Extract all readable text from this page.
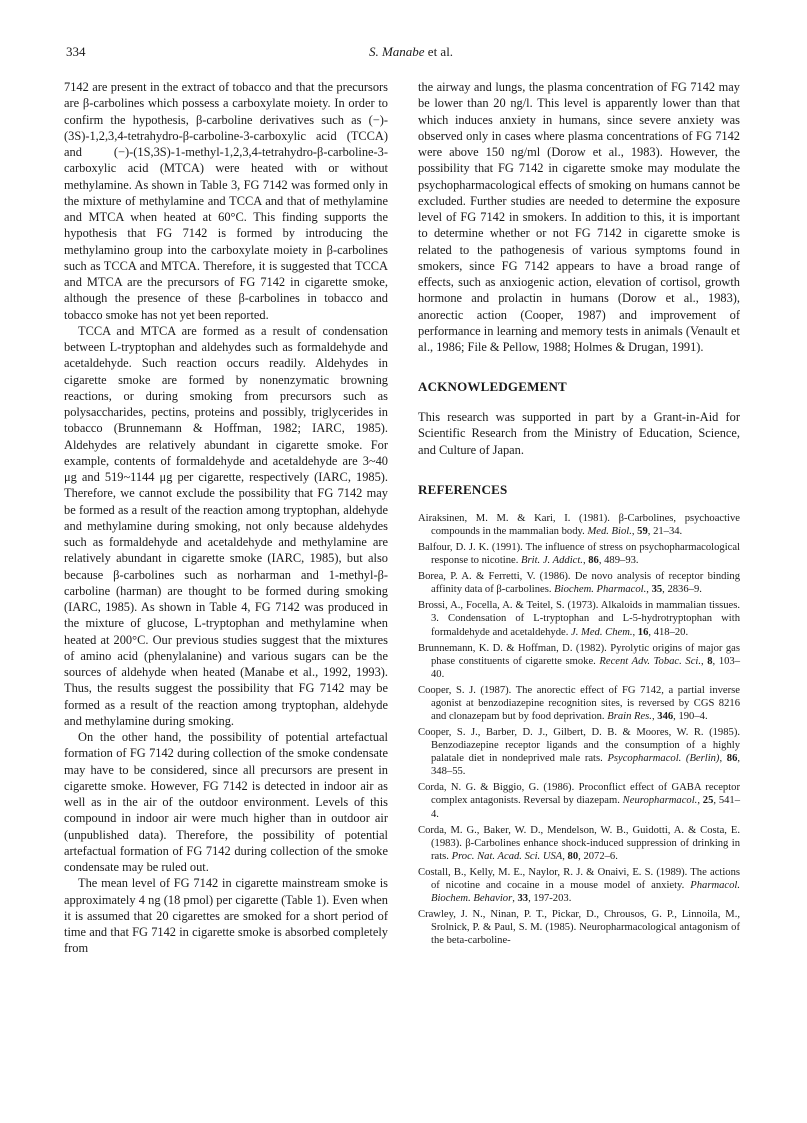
334	S. Manabe et al.

7142 are present in the extract of tobacco and that the precursors are β-carbolines which possess a carboxylate moiety. In order to confirm the hypothesis, β-carboline derivatives such as (−)-(3S)-1,2,3,4-tetrahydro-β-carboline-3-carboxylic acid (TCCA) and (−)-(1S,3S)-1-methyl-1,2,3,4-tetrahydro-β-carboline-3-carboxylic acid (MTCA) were heated with or without methylamine. As shown in Table 3, FG 7142 was formed only in the mixture of methylamine and TCCA and that of methylamine and MTCA when heated at 60°C. This finding supports the hypothesis that FG 7142 is formed by introducing the methylamino group into the carboxylate moiety in β-carbolines such as TCCA and MTCA. Therefore, it is suggested that TCCA and MTCA are the precursors of FG 7142 in cigarette smoke, although the presence of these β-carbolines in tobacco and tobacco smoke has not yet been reported.

TCCA and MTCA are formed as a result of condensation between L-tryptophan and aldehydes such as formaldehyde and acetaldehyde. Such reaction occurs readily. Aldehydes in cigarette smoke are formed by nonenzymatic browning reactions, or during smoking from precursors such as polysaccharides, pectins, proteins and possibly, triglycerides in tobacco (Brunnemann & Hoffman, 1982; IARC, 1985). Aldehydes are relatively abundant in cigarette smoke. For example, contents of formaldehyde and acetaldehyde are 3~40 μg and 519~1144 μg per cigarette, respectively (IARC, 1985). Therefore, we cannot exclude the possibility that FG 7142 may be formed as a result of the reaction among tryptophan, aldehyde and methylamine during smoking, not only because aldehydes such as formaldehyde and acetaldehyde and methylamine are relatively abundant in cigarette smoke (IARC, 1985), but also because β-carbolines such as norharman and 1-methyl-β-carboline (harman) are thought to be formed during smoking (IARC, 1985). As shown in Table 4, FG 7142 was produced in the mixture of glucose, L-tryptophan and methylamine when heated at 200°C. Our previous studies suggest that the mixtures of amino acid (phenylalanine) and various sugars can be the sources of aldehyde when heated (Manabe et al., 1992, 1993). Thus, the results suggest the possibility that FG 7142 may be formed as a result of the reaction among tryptophan, aldehyde and methylamine during smoking.

On the other hand, the possibility of potential artefactual formation of FG 7142 during collection of the smoke condensate may have to be considered, since all precursors are present in cigarette smoke. However, FG 7142 is detected in indoor air as well as in the air of the outdoor environment. Levels of this compound in indoor air were much higher than in outdoor air (unpublished data). Therefore, the possibility of potential artefactual formation of FG 7142 during collection of the smoke condensate may be ruled out.

The mean level of FG 7142 in cigarette mainstream smoke is approximately 4 ng (18 pmol) per cigarette (Table 1). Even when it is assumed that 20 cigarettes are smoked for a short period of time and that FG 7142 in cigarette smoke is absorbed completely from

the airway and lungs, the plasma concentration of FG 7142 may be lower than 20 ng/l. This level is apparently lower than that which induces anxiety in humans, since severe anxiety was observed only in cases where plasma concentrations of FG 7142 were above 150 ng/ml (Dorow et al., 1983). However, the possibility that FG 7142 in cigarette smoke may modulate the psychopharmacological effects of smoking on humans cannot be excluded. Further studies are needed to determine the exposure level of FG 7142 in smokers. In addition to this, it is important to determine whether or not FG 7142 in cigarette smoke is related to the pathogenesis of various symptoms found in smokers, since FG 7142 appears to have a broad range of effects, such as anxiogenic action, elevation of cortisol, growth hormone and prolactin in humans (Dorow et al., 1983), anorectic action (Cooper, 1987) and improvement of performance in learning and memory tests in animals (Venault et al., 1986; File & Pellow, 1988; Holmes & Drugan, 1991).

ACKNOWLEDGEMENT

This research was supported in part by a Grant-in-Aid for Scientific Research from the Ministry of Education, Science, and Culture of Japan.

REFERENCES

Airaksinen, M. M. & Kari, I. (1981). β-Carbolines, psychoactive compounds in the mammalian body. Med. Biol., 59, 21–34.

Balfour, D. J. K. (1991). The influence of stress on psychopharmacological response to nicotine. Brit. J. Addict., 86, 489–93.

Borea, P. A. & Ferretti, V. (1986). De novo analysis of receptor binding affinity data of β-carbolines. Biochem. Pharmacol., 35, 2836–9.

Brossi, A., Focella, A. & Teitel, S. (1973). Alkaloids in mammalian tissues. 3. Condensation of L-tryptophan and L-5-hydrotryptophan with formaldehyde and acetaldehyde. J. Med. Chem., 16, 418–20.

Brunnemann, K. D. & Hoffman, D. (1982). Pyrolytic origins of major gas phase constituents of cigarette smoke. Recent Adv. Tobac. Sci., 8, 103–40.

Cooper, S. J. (1987). The anorectic effect of FG 7142, a partial inverse agonist at benzodiazepine recognition sites, is reversed by CGS 8216 and clonazepam but by food deprivation. Brain Res., 346, 190–4.

Cooper, S. J., Barber, D. J., Gilbert, D. B. & Moores, W. R. (1985). Benzodiazepine receptor ligands and the consumption of a highly palatale diet in nondeprived male rats. Psycopharmacol. (Berlin), 86, 348–55.

Corda, N. G. & Biggio, G. (1986). Proconflict effect of GABA receptor complex antagonists. Reversal by diazepam. Neuropharmacol., 25, 541–4.

Corda, M. G., Baker, W. D., Mendelson, W. B., Guidotti, A. & Costa, E. (1983). β-Carbolines enhance shock-induced suppression of drinking in rats. Proc. Nat. Acad. Sci. USA, 80, 2072–6.

Costall, B., Kelly, M. E., Naylor, R. J. & Onaivi, E. S. (1989). The actions of nicotine and cocaine in a mouse model of anxiety. Pharmacol. Biochem. Behavior, 33, 197-203.

Crawley, J. N., Ninan, P. T., Pickar, D., Chrousos, G. P., Linnoila, M., Srolnick, P. & Paul, S. M. (1985). Neuropharmacological antagonism of the beta-carboline-
